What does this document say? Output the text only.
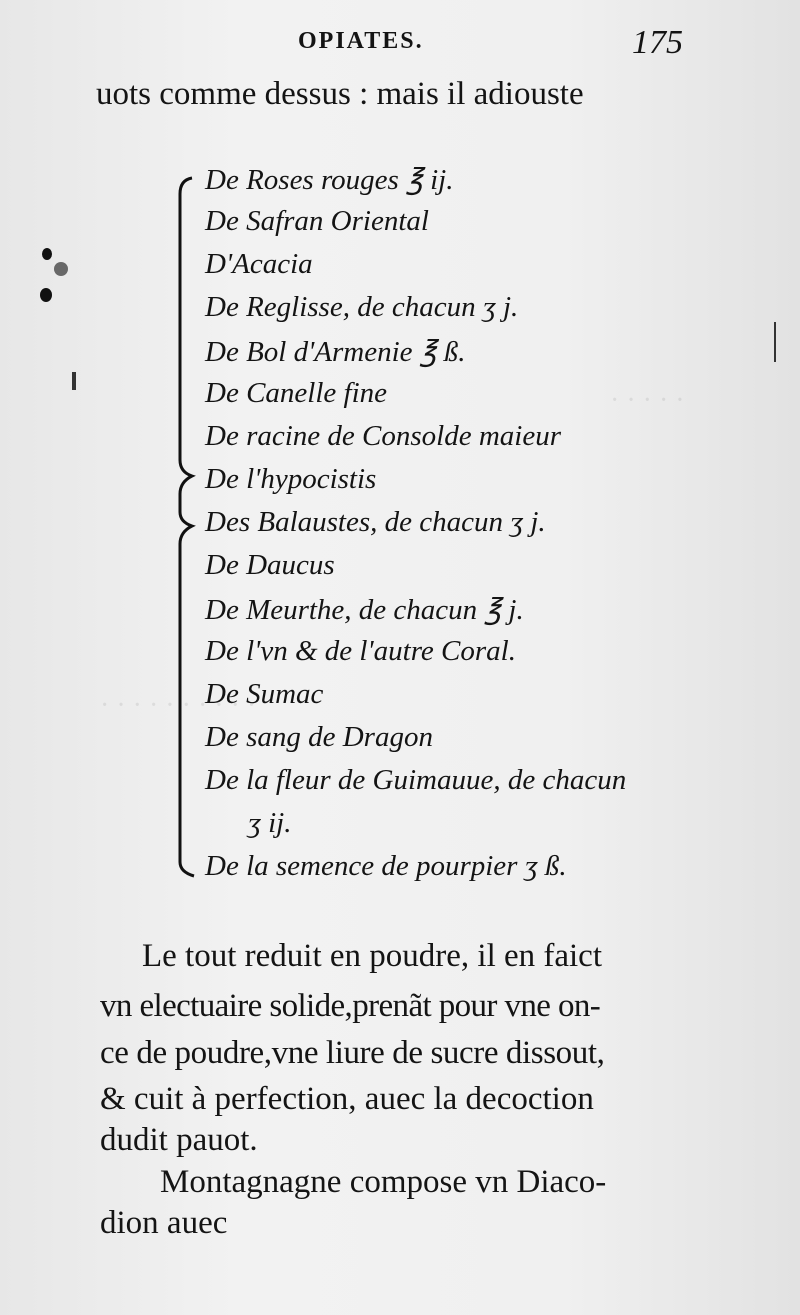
· · · · ·
· · · · · · · · · ·
OPIATES.	175
uots comme dessus : mais il adiouste
De Roses rouges ℥ ij.
De Safran Oriental
D'Acacia
De Reglisse, de chacun ʒ j.
De Bol d'Armenie ℥ ß.
De Canelle fine
De racine de Consolde maieur
De l'hypocistis
Des Balaustes, de chacun ʒ j.
De Daucus
De Meurthe, de chacun ℥ j.
De l'vn & de l'autre Coral.
De Sumac
De sang de Dragon
De la fleur de Guimauue, de chacun
ʒ ij.
De la semence de pourpier ʒ ß.
Le tout reduit en poudre, il en faict
vn electuaire solide,prenãt pour vne on-
ce de poudre,vne liure de sucre dissout,
& cuit à perfection, auec la decoction
dudit pauot.
Montagnagne compose vn Diaco-
dion auec
